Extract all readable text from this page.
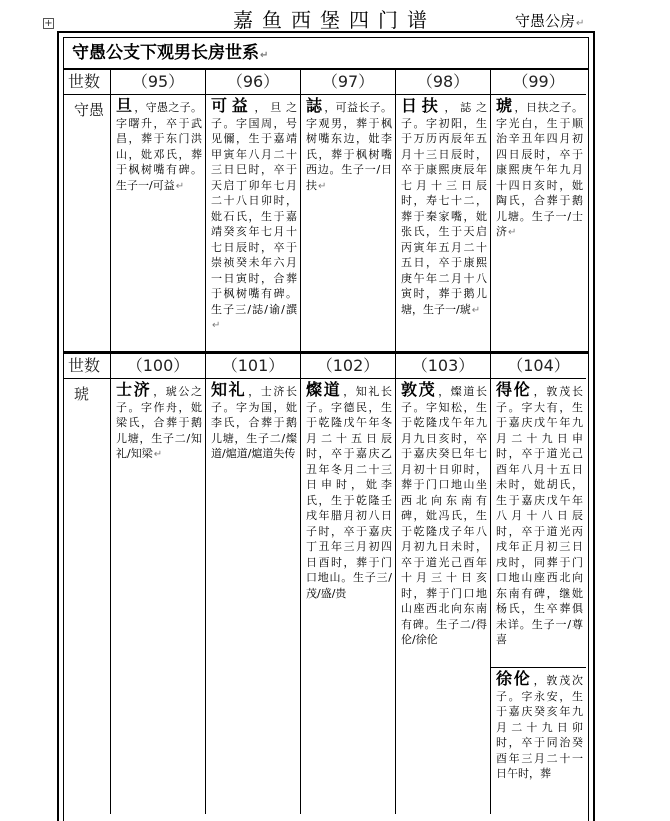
+	嘉鱼西堡四门谱	守愚公房↵
守愚公支下观男长房世系↵
世数
守愚
（95）
旦 ，守愚之子。字曙升，卒于武昌，葬于东门洪山，妣邓氏，葬于枫树嘴有碑。生子一/可益↵
（96）
可益 ，旦之子。字国周，号见儞，生于嘉靖甲寅年八月二十三日巳时，卒于天启丁卯年七月二十八日卯时，妣石氏，生于嘉靖癸亥年七月十七日辰时，卒于崇祯癸未年六月一日寅时，合葬于枫树嘴有碑。生子三/誌/谕/譔↵
（97）
誌 ，可益长子。字观男，葬于枫树嘴东边，妣李氏，葬于枫树嘴西边。生子一/日扶↵
（98）
日扶 ，誌之子。字初阳，生于万历丙辰年五月十三日辰时，卒于康熙庚辰年七月十三日辰时，寿七十二，葬于秦家嘴，妣张氏，生于天启丙寅年五月二十五日，卒于康熙庚午年二月十八寅时，葬于鹅儿塘，生子一/琥↵
（99）
琥 ，日扶之子。字光白，生于顺治辛丑年四月初四日辰时，卒于康熙庚午年九月十四日亥时，妣陶氏，合葬于鹅儿塘。生子一/士济↵
世数
琥
（100）
士济 ，琥公之子。字作舟，妣梁氏，合葬于鹅儿塘，生子二/知礼/知梁↵
（101）
知礼 ，士济长子。字为国，妣李氏，合葬于鹅儿塘，生子二/燦道/熩道/熩道失传
（102）
燦道 ，知礼长子。字德民，生于乾隆戊午年冬月二十五日辰时，卒于嘉庆乙丑年冬月二十三日申时，妣李氏，生于乾隆壬戌年腊月初八日子时，卒于嘉庆丁丑年三月初四日酉时，葬于门口地山。生子三/茂/盛/贵
（103）
敦茂 ，燦道长子。字知松，生于乾隆戊午年九月九日亥时，卒于嘉庆癸巳年七月初十日卯时，葬于门口地山坐西北向东南有碑，妣冯氏，生于乾隆戊子年八月初九日未时，卒于道光己酉年十月三十日亥时，葬于门口地山座西北向东南有碑。生子二/得伦/徐伦
（104）
得伦 ，敦茂长子。字大有，生于嘉庆戊午年九月二十九日申时，卒于道光己酉年八月十五日未时，妣胡氏，生于嘉庆戊午年八月十八日辰时，卒于道光丙戌年正月初三日戌时，同葬于门口地山座西北向东南有碑，继妣杨氏，生卒葬俱未详。生子一/尊喜
徐伦 ，敦茂次子。字永安，生于嘉庆癸亥年九月二十九日卯时，卒于同治癸酉年三月二十一日午时，葬
